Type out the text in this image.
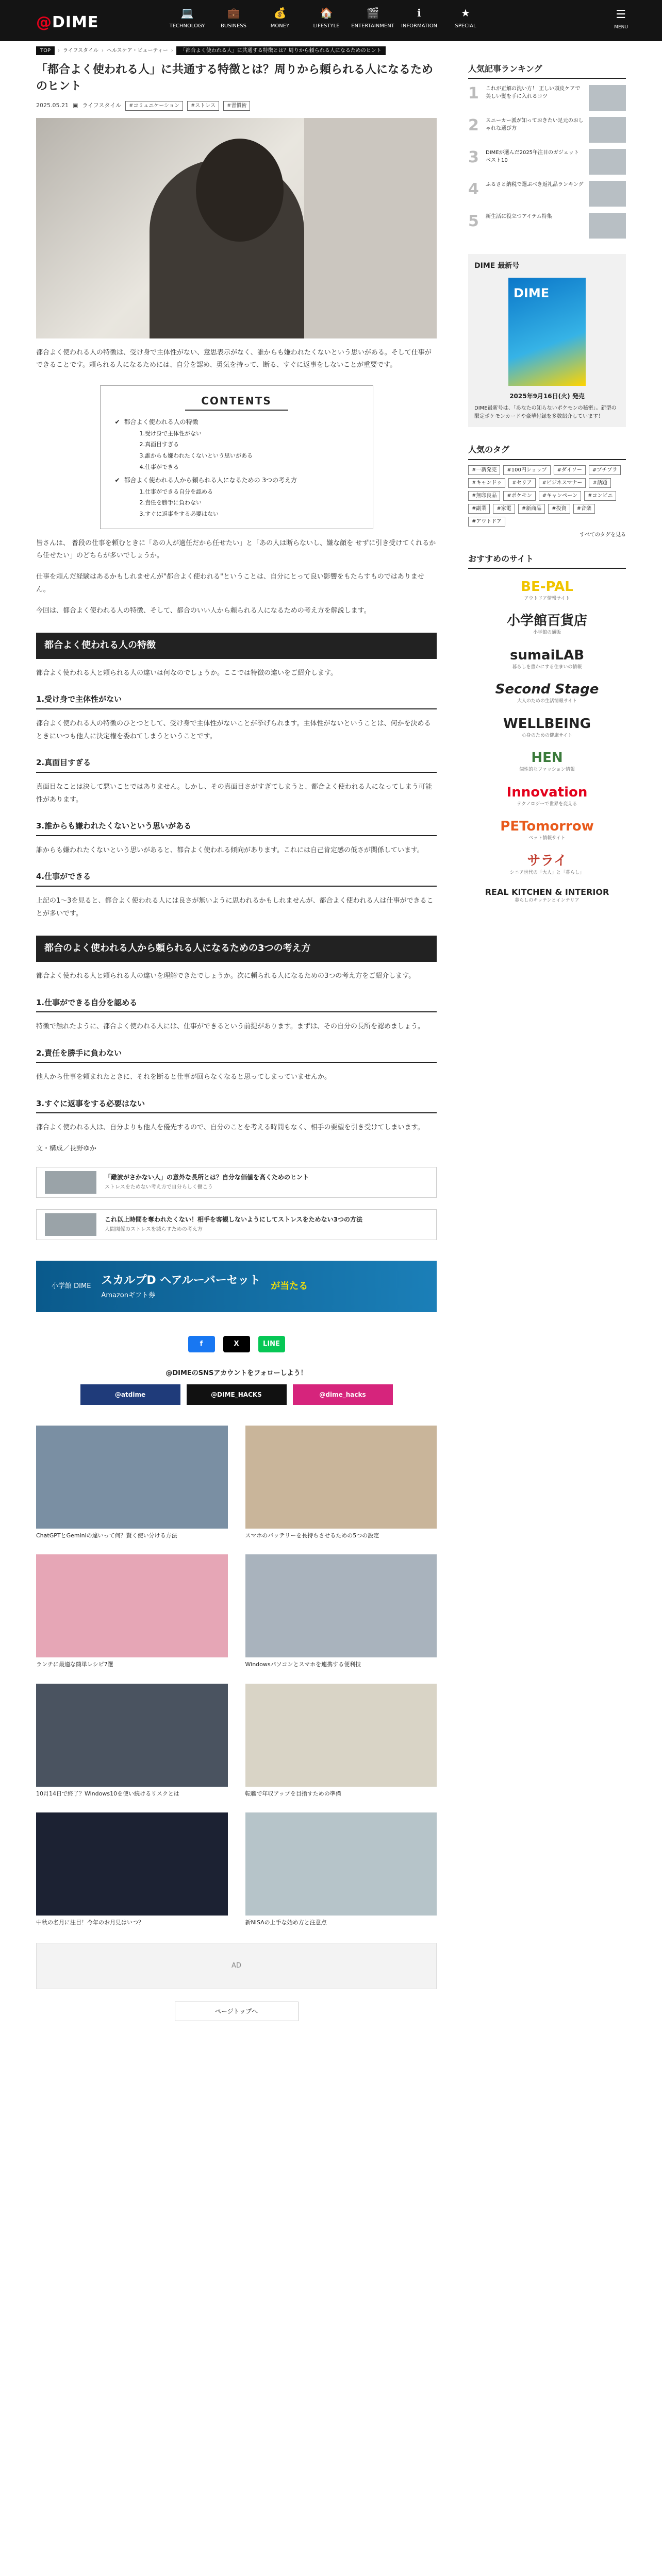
@DIME
💻
TECHNOLOGY
💼
BUSINESS
💰
MONEY
🏠
LIFESTYLE
🎬
ENTERTAINMENT
ℹ
INFORMATION
★
SPECIAL
☰
MENU
TOP	› ライフスタイル › ヘルスケア・ビューティー ›	「都合よく使われる人」に共通する特徴とは？周りから頼られる人になるためのヒント
「都合よく使われる人」に共通する特徴とは？周りから頼られる人になるためのヒント
2025.05.21 ▣ ライフスタイル	#コミュニケーション	#ストレス	#習慣術

都合よく使われる人の特徴は、受け身で主体性がない、意思表示がなく、誰からも嫌われたくないという思いがある。そして仕事ができることです。頼られる人になるためには、自分を認め、勇気を持って、断る、すぐに返事をしないことが重要です。

CONTENTS
✔ 都合よく使われる人の特徴
1.受け身で主体性がない
2.真面目すぎる
3.誰からも嫌われたくないという思いがある
4.仕事ができる
✔ 都合よく使われる人から頼られる人になるための 3つの考え方
1.仕事ができる自分を認める
2.責任を勝手に負わない
3.すぐに返事をする必要はない

皆さんは、 普段の仕事を頼むときに「あの人が適任だから任せたい」と「あの人は断らないし、嫌な顔を せずに引き受けてくれるから任せたい」のどちらが多いでしょうか。

仕事を頼んだ経験はあるかもしれませんが"都合よく使われる"ということは、自分にとって良い影響をもたらすものではありません。

今回は、都合よく使われる人の特徴、そして、都合のいい人から頼られる人になるための考え方を解説します。

都合よく使われる人の特徴

都合よく使われる人と頼られる人の違いは何なのでしょうか。ここでは特徴の違いをご紹介します。

1.受け身で主体性がない

都合よく使われる人の特徴のひとつとして、受け身で主体性がないことが挙げられます。主体性がないということは、何かを決めるときにいつも他人に決定権を委ねてしまうということです。

2.真面目すぎる

真面目なことは決して悪いことではありません。しかし、その真面目さがすぎてしまうと、都合よく使われる人になってしまう可能性があります。

3.誰からも嫌われたくないという思いがある

誰からも嫌われたくないという思いがあると、都合よく使われる傾向があります。これには自己肯定感の低さが関係しています。

4.仕事ができる

上記の1〜3を見ると、都合よく使われる人には良さが無いように思われるかもしれませんが、都合よく使われる人は仕事ができることが多いです。

都合のよく使われる人から頼られる人になるための3つの考え方

都合よく使われる人と頼られる人の違いを理解できたでしょうか。次に頼られる人になるための3つの考え方をご紹介します。

1.仕事ができる自分を認める

特徴で触れたように、都合よく使われる人には、仕事ができるという前提があります。まずは、その自分の長所を認めましょう。

2.責任を勝手に負わない

他人から仕事を頼まれたときに、それを断ると仕事が回らなくなると思ってしまっていませんか。

3.すぐに返事をする必要はない

都合よく使われる人は、自分よりも他人を優先するので、自分のことを考える時間もなく、相手の要望を引き受けてしまいます。

文・構成／長野ゆか

「難波がさかない人」の意外な長所とは？自分な価値を高くためのヒント
ストレスをためない考え方で自分らしく働こう
これ以上時間を奪われたくない！相手を客観しないようにしてストレスをためない3つの方法
人間関係のストレスを減らすための考え方
小学館 DIME スカルプD ヘアルーバーセット
Amazonギフト券
が当たる
f	X	LINE
@DIMEのSNSアカウントをフォローしよう！
@atdime	@DIME_HACKS	@dime_hacks
ChatGPTとGeminiの違いって何？賢く使い分ける方法	スマホのバッテリーを長持ちさせるための5つの設定
ランチに最適な簡単レシピ7選	Windowsパソコンとスマホを連携する便利技
10月14日で終了？Windows10を使い続けるリスクとは	転職で年収アップを目指すための準備
中秋の名月に注目！今年のお月見はいつ？	新NISAの上手な始め方と注意点
AD
ページトップへ
人気記事ランキング
1	これが正解の洗い方！ 正しい頭皮ケアで美しい髪を手に入れるコツ
2	スニーカー派が知っておきたい足元のおしゃれな選び方
3	DIMEが選んだ2025年注目のガジェットベスト10
4	ふるさと納税で選ぶべき返礼品ランキング
5	新生活に役立つアイテム特集
DIME 最新号
DIME
2025年9月16日(火) 発売
DIME最新号は、「あなたの知らないポケモンの秘密」。新型の限定ポケモンカードや豪華付録を多数紹介しています！
人気のタグ
#一新発売	#100円ショップ	#ダイソー	#プチプラ
#キャンドゥ	#セリア	#ビジネスマナー	#話題
#無印良品	#ポケモン	#キャンペーン	#コンビニ
#副業	#家電	#新商品	#投資	#音楽
#アウトドア
すべてのタグを見る
おすすめのサイト
BE-PAL
アウトドア情報サイト
小学館百貨店
小学館の通販
sumaiLAB
暮らしを豊かにする住まいの情報
Second Stage
大人のための生活情報サイト
WELLBEING
心身のための健康サイト
HEN
個性的なファッション情報
Innovation
テクノロジーで世界を変える
PETomorrow
ペット情報サイト
サライ
シニア世代の「大人」と「暮らし」
REAL KITCHEN & INTERIOR
暮らしのキッチンとインテリア
